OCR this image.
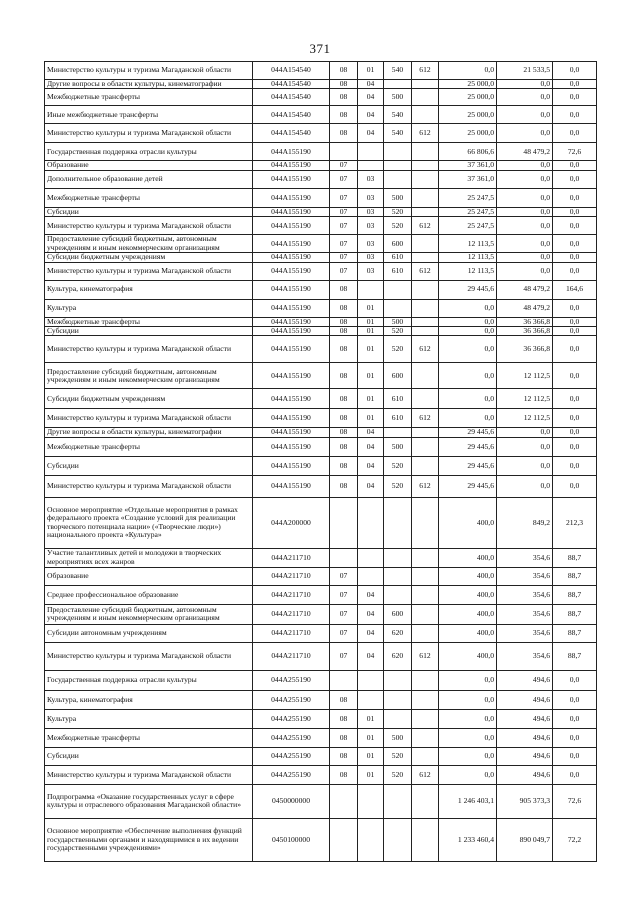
371
Министерство культуры и туризма Магаданской области	044A154540	08	01	540	612	0,0	21 533,5	0,0
Другие вопросы в области культуры, кинематографии	044A154540	08	04			25 000,0	0,0	0,0
Межбюджетные трансферты	044A154540	08	04	500		25 000,0	0,0	0,0
Иные межбюджетные трансферты	044A154540	08	04	540		25 000,0	0,0	0,0
Министерство культуры и туризма Магаданской области	044A154540	08	04	540	612	25 000,0	0,0	0,0
Государственная поддержка отрасли культуры	044A155190					66 806,6	48 479,2	72,6
Образование	044A155190	07				37 361,0	0,0	0,0
Дополнительное образование детей	044A155190	07	03			37 361,0	0,0	0,0
Межбюджетные трансферты	044A155190	07	03	500		25 247,5	0,0	0,0
Субсидии	044A155190	07	03	520		25 247,5	0,0	0,0
Министерство культуры и туризма Магаданской области	044A155190	07	03	520	612	25 247,5	0,0	0,0
Предоставление субсидий бюджетным, автономным учреждениям и иным некоммерческим организациям	044A155190	07	03	600		12 113,5	0,0	0,0
Субсидии бюджетным учреждениям	044A155190	07	03	610		12 113,5	0,0	0,0
Министерство культуры и туризма Магаданской области	044A155190	07	03	610	612	12 113,5	0,0	0,0
Культура, кинематография	044A155190	08				29 445,6	48 479,2	164,6
Культура	044A155190	08	01			0,0	48 479,2	0,0
Межбюджетные трансферты	044A155190	08	01	500		0,0	36 366,8	0,0
Субсидии	044A155190	08	01	520		0,0	36 366,8	0,0
Министерство культуры и туризма Магаданской области	044A155190	08	01	520	612	0,0	36 366,8	0,0
Предоставление субсидий бюджетным, автономным учреждениям и иным некоммерческим организациям	044A155190	08	01	600		0,0	12 112,5	0,0
Субсидии бюджетным учреждениям	044A155190	08	01	610		0,0	12 112,5	0,0
Министерство культуры и туризма Магаданской области	044A155190	08	01	610	612	0,0	12 112,5	0,0
Другие вопросы в области культуры, кинематографии	044A155190	08	04			29 445,6	0,0	0,0
Межбюджетные трансферты	044A155190	08	04	500		29 445,6	0,0	0,0
Субсидии	044A155190	08	04	520		29 445,6	0,0	0,0
Министерство культуры и туризма Магаданской области	044A155190	08	04	520	612	29 445,6	0,0	0,0
Основное мероприятие «Отдельные мероприятия в рамках федерального проекта «Создание условий для реализации творческого потенциала нации» («Творческие люди») национального проекта «Культура»	044A200000					400,0	849,2	212,3
Участие талантливых детей и молодежи в творческих мероприятиях всех жанров	044A211710					400,0	354,6	88,7
Образование	044A211710	07				400,0	354,6	88,7
Среднее профессиональное образование	044A211710	07	04			400,0	354,6	88,7
Предоставление субсидий бюджетным, автономным учреждениям и иным некоммерческим организациям	044A211710	07	04	600		400,0	354,6	88,7
Субсидии автономным учреждениям	044A211710	07	04	620		400,0	354,6	88,7
Министерство культуры и туризма Магаданской области	044A211710	07	04	620	612	400,0	354,6	88,7
Государственная поддержка отрасли культуры	044A255190					0,0	494,6	0,0
Культура, кинематография	044A255190	08				0,0	494,6	0,0
Культура	044A255190	08	01			0,0	494,6	0,0
Межбюджетные трансферты	044A255190	08	01	500		0,0	494,6	0,0
Субсидии	044A255190	08	01	520		0,0	494,6	0,0
Министерство культуры и туризма Магаданской области	044A255190	08	01	520	612	0,0	494,6	0,0
Подпрограмма «Оказание государственных услуг в сфере культуры и отраслевого образования Магаданской области»	0450000000					1 246 403,1	905 373,3	72,6
Основное мероприятие «Обеспечение выполнения функций государственными органами и находящимися в их ведении государственными учреждениями»	0450100000					1 233 460,4	890 049,7	72,2
